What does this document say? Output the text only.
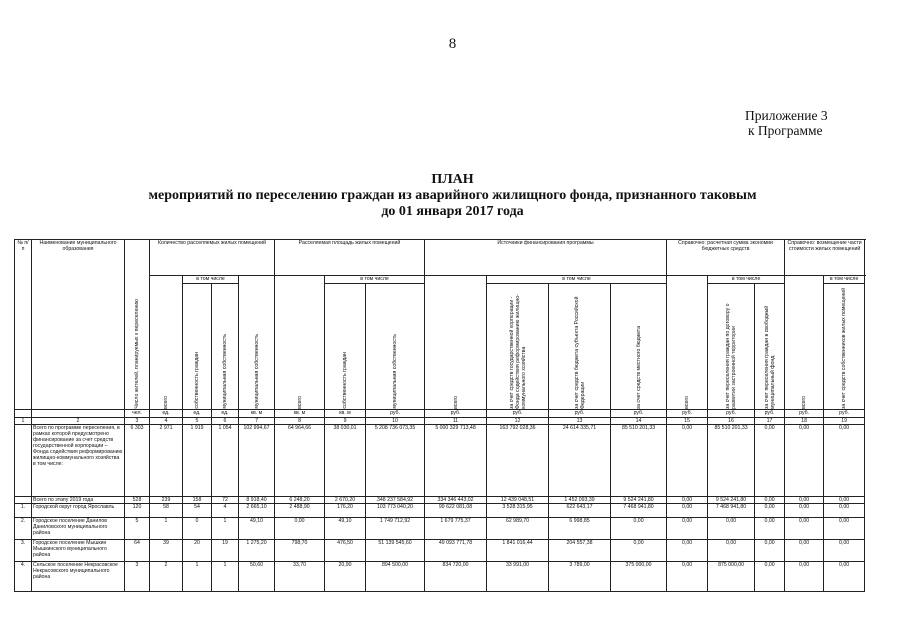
8
Приложение 3
к Программе
ПЛАН
мероприятий по переселению граждан из аварийного жилищного фонда, признанного таковым
до 01 января 2017 года
№ п/п	Наименование муниципального образования	Число жителей, планируемых к переселению	Количество расселяемых жилых помещений				Расселяемая площадь жилых помещений			Источники финансирования программы				Справочно: расчетная сумма экономии бюджетных средств			Справочно: возмещение части стоимости жилых помещений		

			всего	в том числе		муниципальная собственность	всего	в том числе		всего	в том числе			всего	в том числе		всего	в том числе	

				собственность граждан	муниципальная собственность			собственность граждан	муниципальная собственность		за счет средств государственной корпорации - Фонда содействия реформированию жилищно-коммунального хозяйства	за счет средств бюджета субъекта Российской Федерации	за счет средств местного бюджета		за счет переселения граждан по договору о развитии застроенной территории	за счет переселения граждан в свободный муниципальный фонд		за счет средств собственников жилых помещений

		чел.	ед.	ед.	ед.	кв. м	кв. м	кв. м	руб.	руб.	руб.	руб.	руб.	руб.	руб.	руб.	руб.	руб.	
1	2	3	4	5	6	7	8	9	10	11	12	13	14	15	16	17	18	19	
	Всего по программе переселения, в рамках которой предусмотрено финансирование за счет средств государственной корпорации – Фонда содействия реформированию жилищно-коммунального хозяйства в том числе:	6 303	2 971	1 919	1 054	102 994,67	64 964,66	38 030,01	5 208 736 073,35	5 000 329 713,48	163 792 028,36	24 614 335,71	85 510 201,33	0,00	85 510 201,33	0,00	0,00	0,00	
	Всего по этапу 2019 года	528	239	158	72	8 918,40	6 248,20	2 670,20	348 237 584,92	334 346 443,02	12 439 048,51	1 452 093,39	9 524 241,80	0,00	9 524 241,80	0,00	0,00	0,00	
1.	Городской округ город Ярославль	120	58	54	4	2 665,10	2 488,90	176,20	103 773 040,20	99 622 081,08	3 528 315,95	622 643,17	7 468 941,80	0,00	7 468 941,80	0,00	0,00	0,00	
2.	Городское поселение Данилов Даниловского муниципального района	5	1	0	1	49,10	0,00	49,10	1 749 712,92	1 679 775,37	62 989,70	6 998,85	0,00	0,00	0,00	0,00	0,00	0,00	
3.	Городское поселение Мышкин Мышкинского муниципального района	64	39	20	19	1 275,20	798,70	476,50	51 139 545,60	49 093 771,78	1 841 016,44	204 557,38	0,00	0,00	0,00	0,00	0,00	0,00	
4.	Сельское поселение Некрасовское Некрасовского муниципального района	3	2	1	1	50,60	33,70	20,90	894 500,00	834 720,00	33 991,00	3 789,00	375 000,00	0,00	875 000,00	0,00	0,00	0,00	
